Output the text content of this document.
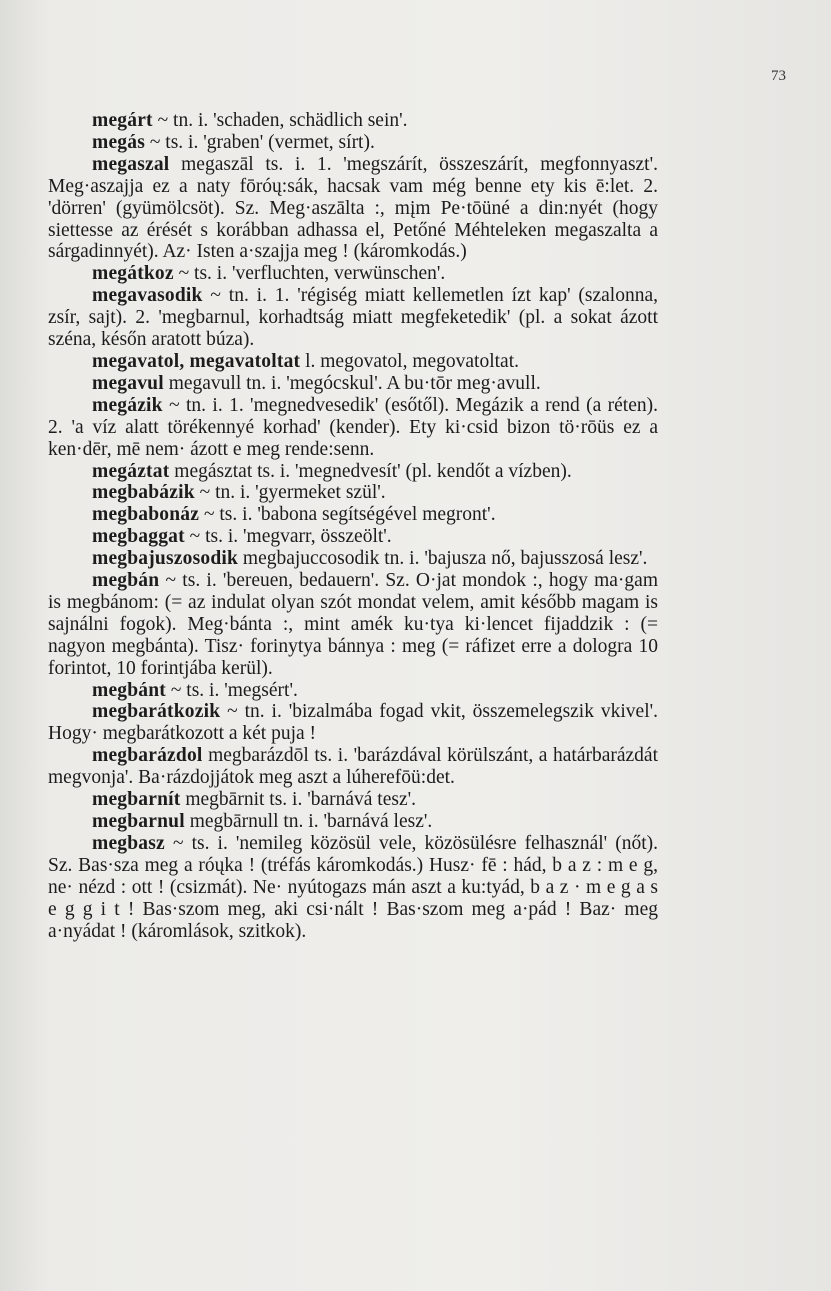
73

megárt ~ tn. i. 'schaden, schädlich sein'.

megás ~ ts. i. 'graben' (vermet, sírt).

megaszal megaszāl ts. i. 1. 'megszárít, összeszárít, megfonnyaszt'. Meg·aszajja ez a naty fōróų:sák, hacsak vam még benne ety kis ē:let. 2. 'dörren' (gyümölcsöt). Sz. Meg·aszālta :, mįm Pe·tōüné a din:nyét (hogy siettesse az érését s korábban adhassa el, Petőné Méhteleken megaszalta a sárgadinnyét). Az· Isten a·szajja meg ! (káromkodás.)

megátkoz ~ ts. i. 'verfluchten, verwünschen'.

megavasodik ~ tn. i. 1. 'régiség miatt kellemetlen ízt kap' (szalonna, zsír, sajt). 2. 'megbarnul, korhadtság miatt megfeketedik' (pl. a sokat ázott széna, későn aratott búza).

megavatol, megavatoltat l. megovatol, megovatoltat.

megavul megavull tn. i. 'megócskul'. A bu·tōr meg·avull.

megázik ~ tn. i. 1. 'megnedvesedik' (esőtől). Megázik a rend (a réten). 2. 'a víz alatt törékennyé korhad' (kender). Ety ki·csid bizon tö·rōüs ez a ken·dēr, mē nem· ázott e meg rende:senn.

megáztat megásztat ts. i. 'megnedvesít' (pl. kendőt a vízben).

megbabázik ~ tn. i. 'gyermeket szül'.

megbabonáz ~ ts. i. 'babona segítségével megront'.

megbaggat ~ ts. i. 'megvarr, összeölt'.

megbajuszosodik megbajuccosodik tn. i. 'bajusza nő, bajusszosá lesz'.

megbán ~ ts. i. 'bereuen, bedauern'. Sz. O·jat mondok :, hogy ma·gam is megbánom: (= az indulat olyan szót mondat velem, amit később magam is sajnálni fogok). Meg·bánta :, mint amék ku·tya ki·lencet fijaddzik : (= nagyon megbánta). Tisz· forinytya bánnya : meg (= ráfizet erre a dologra 10 forintot, 10 forintjába kerül).

megbánt ~ ts. i. 'megsért'.

megbarátkozik ~ tn. i. 'bizalmába fogad vkit, összemelegszik vkivel'. Hogy· megbarátkozott a két puja !

megbarázdol megbarázdōl ts. i. 'barázdával körülszánt, a határbarázdát megvonja'. Ba·rázdojjátok meg aszt a lúherefōü:det.

megbarnít megbārnit ts. i. 'barnává tesz'.

megbarnul megbārnull tn. i. 'barnává lesz'.

megbasz ~ ts. i. 'nemileg közösül vele, közösülésre felhasznál' (nőt). Sz. Bas·sza meg a róųka ! (tréfás káromkodás.) Husz· fē : hád, b a z : m e g, ne· nézd : ott ! (csizmát). Ne· nyútogazs mán aszt a ku:tyád, b a z · m e g a s e g g i t ! Bas·szom meg, aki csi·nált ! Bas·szom meg a·pád ! Baz· meg a·nyádat ! (káromlások, szitkok).
